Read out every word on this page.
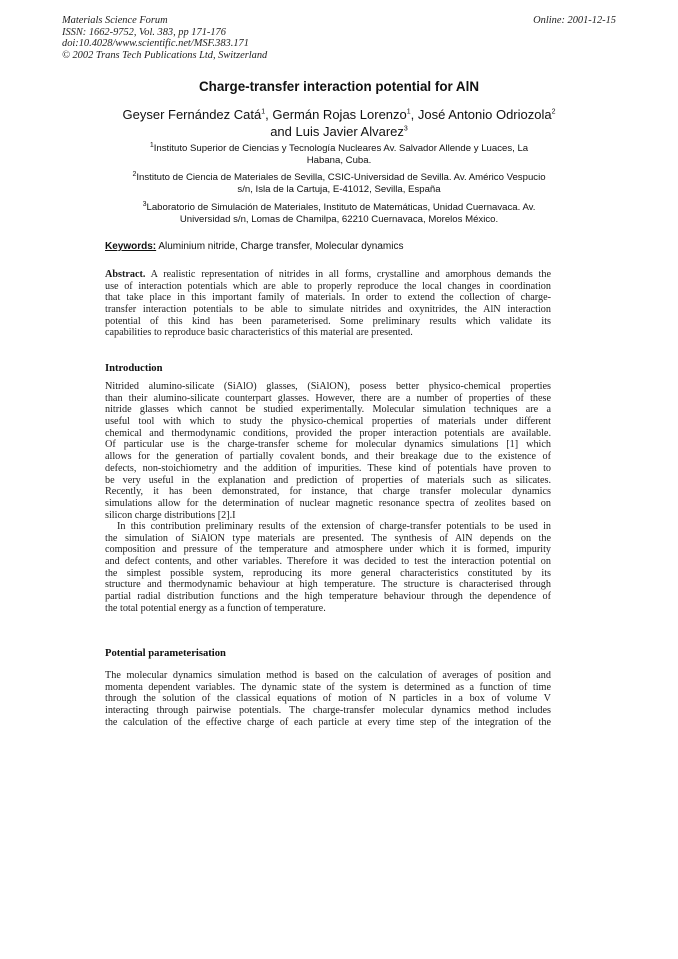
Materials Science Forum
ISSN: 1662-9752, Vol. 383, pp 171-176
doi:10.4028/www.scientific.net/MSF.383.171
© 2002 Trans Tech Publications Ltd, Switzerland
Online: 2001-12-15
Charge-transfer interaction potential for AlN
Geyser Fernández Catá$^1$, Germán Rojas Lorenzo$^1$, José Antonio Odriozola$^2$
and Luis Javier Alvarez$^3$
$^1$Instituto Superior de Ciencias y Tecnología Nucleares Av. Salvador Allende y Luaces, La
Habana, Cuba.
$^2$Instituto de Ciencia de Materiales de Sevilla, CSIC-Universidad de Sevilla. Av. Américo Vespucio
s/n, Isla de la Cartuja, E-41012, Sevilla, España
$^3$Laboratorio de Simulación de Materiales, Instituto de Matemáticas, Unidad Cuernavaca. Av.
Universidad s/n, Lomas de Chamilpa, 62210 Cuernavaca, Morelos México.
Keywords: Aluminium nitride, Charge transfer, Molecular dynamics
Abstract. A realistic representation of nitrides in all forms, crystalline and amorphous demands the
use of interaction potentials which are able to properly reproduce the local changes in coordination
that take place in this important family of materials. In order to extend the collection of charge-
transfer interaction potentials to be able to simulate nitrides and oxynitrides, the AlN interaction
potential of this kind has been parameterised. Some preliminary results which validate its
capabilities to reproduce basic characteristics of this material are presented.
Introduction
Nitrided alumino-silicate (SiAlO) glasses, (SiAlON), posess better physico-chemical properties
than their alumino-silicate counterpart glasses. However, there are a number of properties of these
nitride glasses which cannot be studied experimentally. Molecular simulation techniques are a
useful tool with which to study the physico-chemical properties of materials under different
chemical and thermodynamic conditions, provided the proper interaction potentials are available.
Of particular use is the charge-transfer scheme for molecular dynamics simulations [1] which
allows for the generation of partially covalent bonds, and their breakage due to the existence of
defects, non-stoichiometry and the addition of impurities. These kind of potentials have proven to
be very useful in the explanation and prediction of properties of materials such as silicates.
Recently, it has been demonstrated, for instance, that charge transfer molecular dynamics
simulations allow for the determination of nuclear magnetic resonance spectra of zeolites based on
silicon charge distributions [2].I
In this contribution preliminary results of the extension of charge-transfer potentials to be used in
the simulation of SiAlON type materials are presented. The synthesis of AlN depends on the
composition and pressure of the temperature and atmosphere under which it is formed, impurity
and defect contents, and other variables. Therefore it was decided to test the interaction potential on
the simplest possible system, reproducing its more general characteristics constituted by its
structure and thermodynamic behaviour at high temperature. The structure is characterised through
partial radial distribution functions and the high temperature behaviour through the dependence of
the total potential energy as a function of temperature.
Potential parameterisation
The molecular dynamics simulation method is based on the calculation of averages of position and
momenta dependent variables. The dynamic state of the system is determined as a function of time
through the solution of the classical equations of motion of N particles in a box of volume V
interacting through pairwise potentials. The charge-transfer molecular dynamics method includes
the calculation of the effective charge of each particle at every time step of the integration of the
